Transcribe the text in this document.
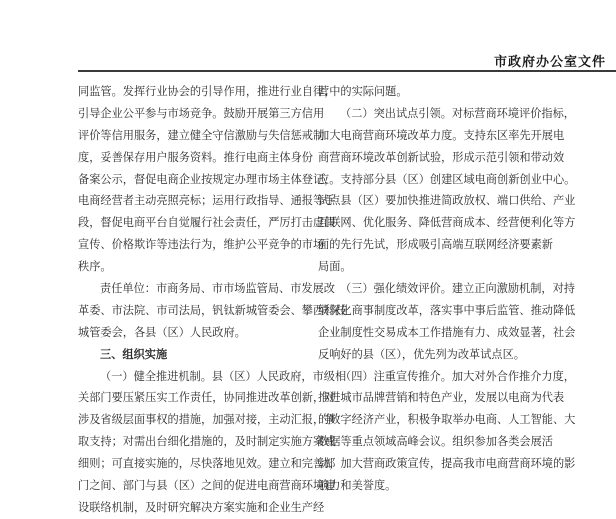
市政府办公室文件
同监管。发挥行业协会的引导作用，推进行业自律，
引导企业公平参与市场竞争。鼓励开展第三方信用
评价等信用服务，建立健全守信激励与失信惩戒制
度，妥善保存用户服务资料。推行电商主体身份
备案公示，督促电商企业按规定办理市场主体登记，
电商经营者主动亮照亮标；运用行政指导、通报等手
段，督促电商平台自觉履行社会责任，严厉打击虚假
宣传、价格欺诈等违法行为，维护公平竞争的市场
秩序。
责任单位：市商务局、市市场监管局、市发展改
革委、市法院、市司法局，钒钛新城管委会、攀西科技
城管委会，各县（区）人民政府。
三、组织实施
（一）健全推进机制。县（区）人民政府，市级相
关部门要压紧压实工作责任，协同推进改革创新，对
涉及省级层面事权的措施，加强对接，主动汇报，争
取支持；对需出台细化措施的，及时制定实施方案或
细则；可直接实施的，尽快落地见效。建立和完善部
门之间、部门与县（区）之间的促进电商营商环境建
设联络机制，及时研究解决方案实施和企业生产经
营中的实际问题。
（二）突出试点引领。对标营商环境评价指标，
加大电商营商环境改革力度。支持东区率先开展电
商营商环境改革创新试验，形成示范引领和带动效
应。支持部分县（区）创建区域电商创新创业中心。
试点县（区）要加快推进简政放权、端口供给、产业
互联网、优化服务、降低营商成本、经营便利化等方
面的先行先试，形成吸引高端互联网经济要素新
局面。
（三）强化绩效评价。建立正向激励机制，对持
续深化商事制度改革，落实事中事后监管、推动降低
企业制度性交易成本工作措施有力、成效显著，社会
反响好的县（区），优先列为改革试点区。
（四）注重宣传推介。加大对外合作推介力度，
推进城市品牌营销和特色产业，发展以电商为代表
的数字经济产业，积极争取举办电商、人工智能、大
数据等重点领域高峰会议。组织参加各类会展活
动，加大营商政策宣传，提高我市电商营商环境的影
响力和美誉度。
